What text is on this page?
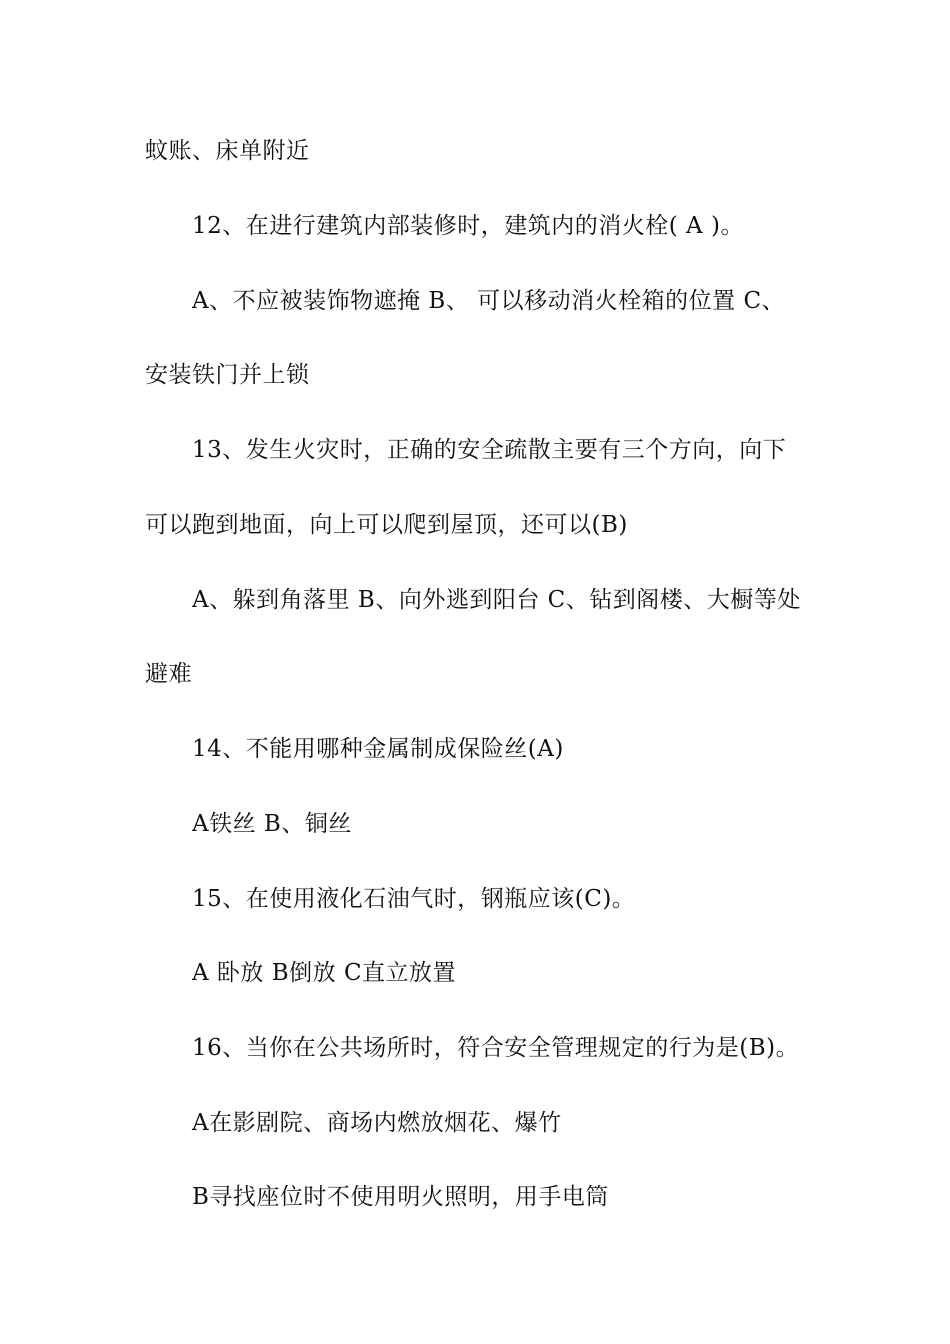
蚊账、床单附近
12、在进行建筑内部装修时，建筑内的消火栓( A )。
A、不应被装饰物遮掩 B、 可以移动消火栓箱的位置 C、
安装铁门并上锁
13、发生火灾时，正确的安全疏散主要有三个方向，向下
可以跑到地面，向上可以爬到屋顶，还可以(B)
A、躲到角落里 B、向外逃到阳台 C、钻到阁楼、大橱等处
避难
14、不能用哪种金属制成保险丝(A)
A铁丝 B、铜丝
15、在使用液化石油气时，钢瓶应该(C)。
A 卧放 B倒放 C直立放置
16、当你在公共场所时，符合安全管理规定的行为是(B)。
A在影剧院、商场内燃放烟花、爆竹
B寻找座位时不使用明火照明，用手电筒
